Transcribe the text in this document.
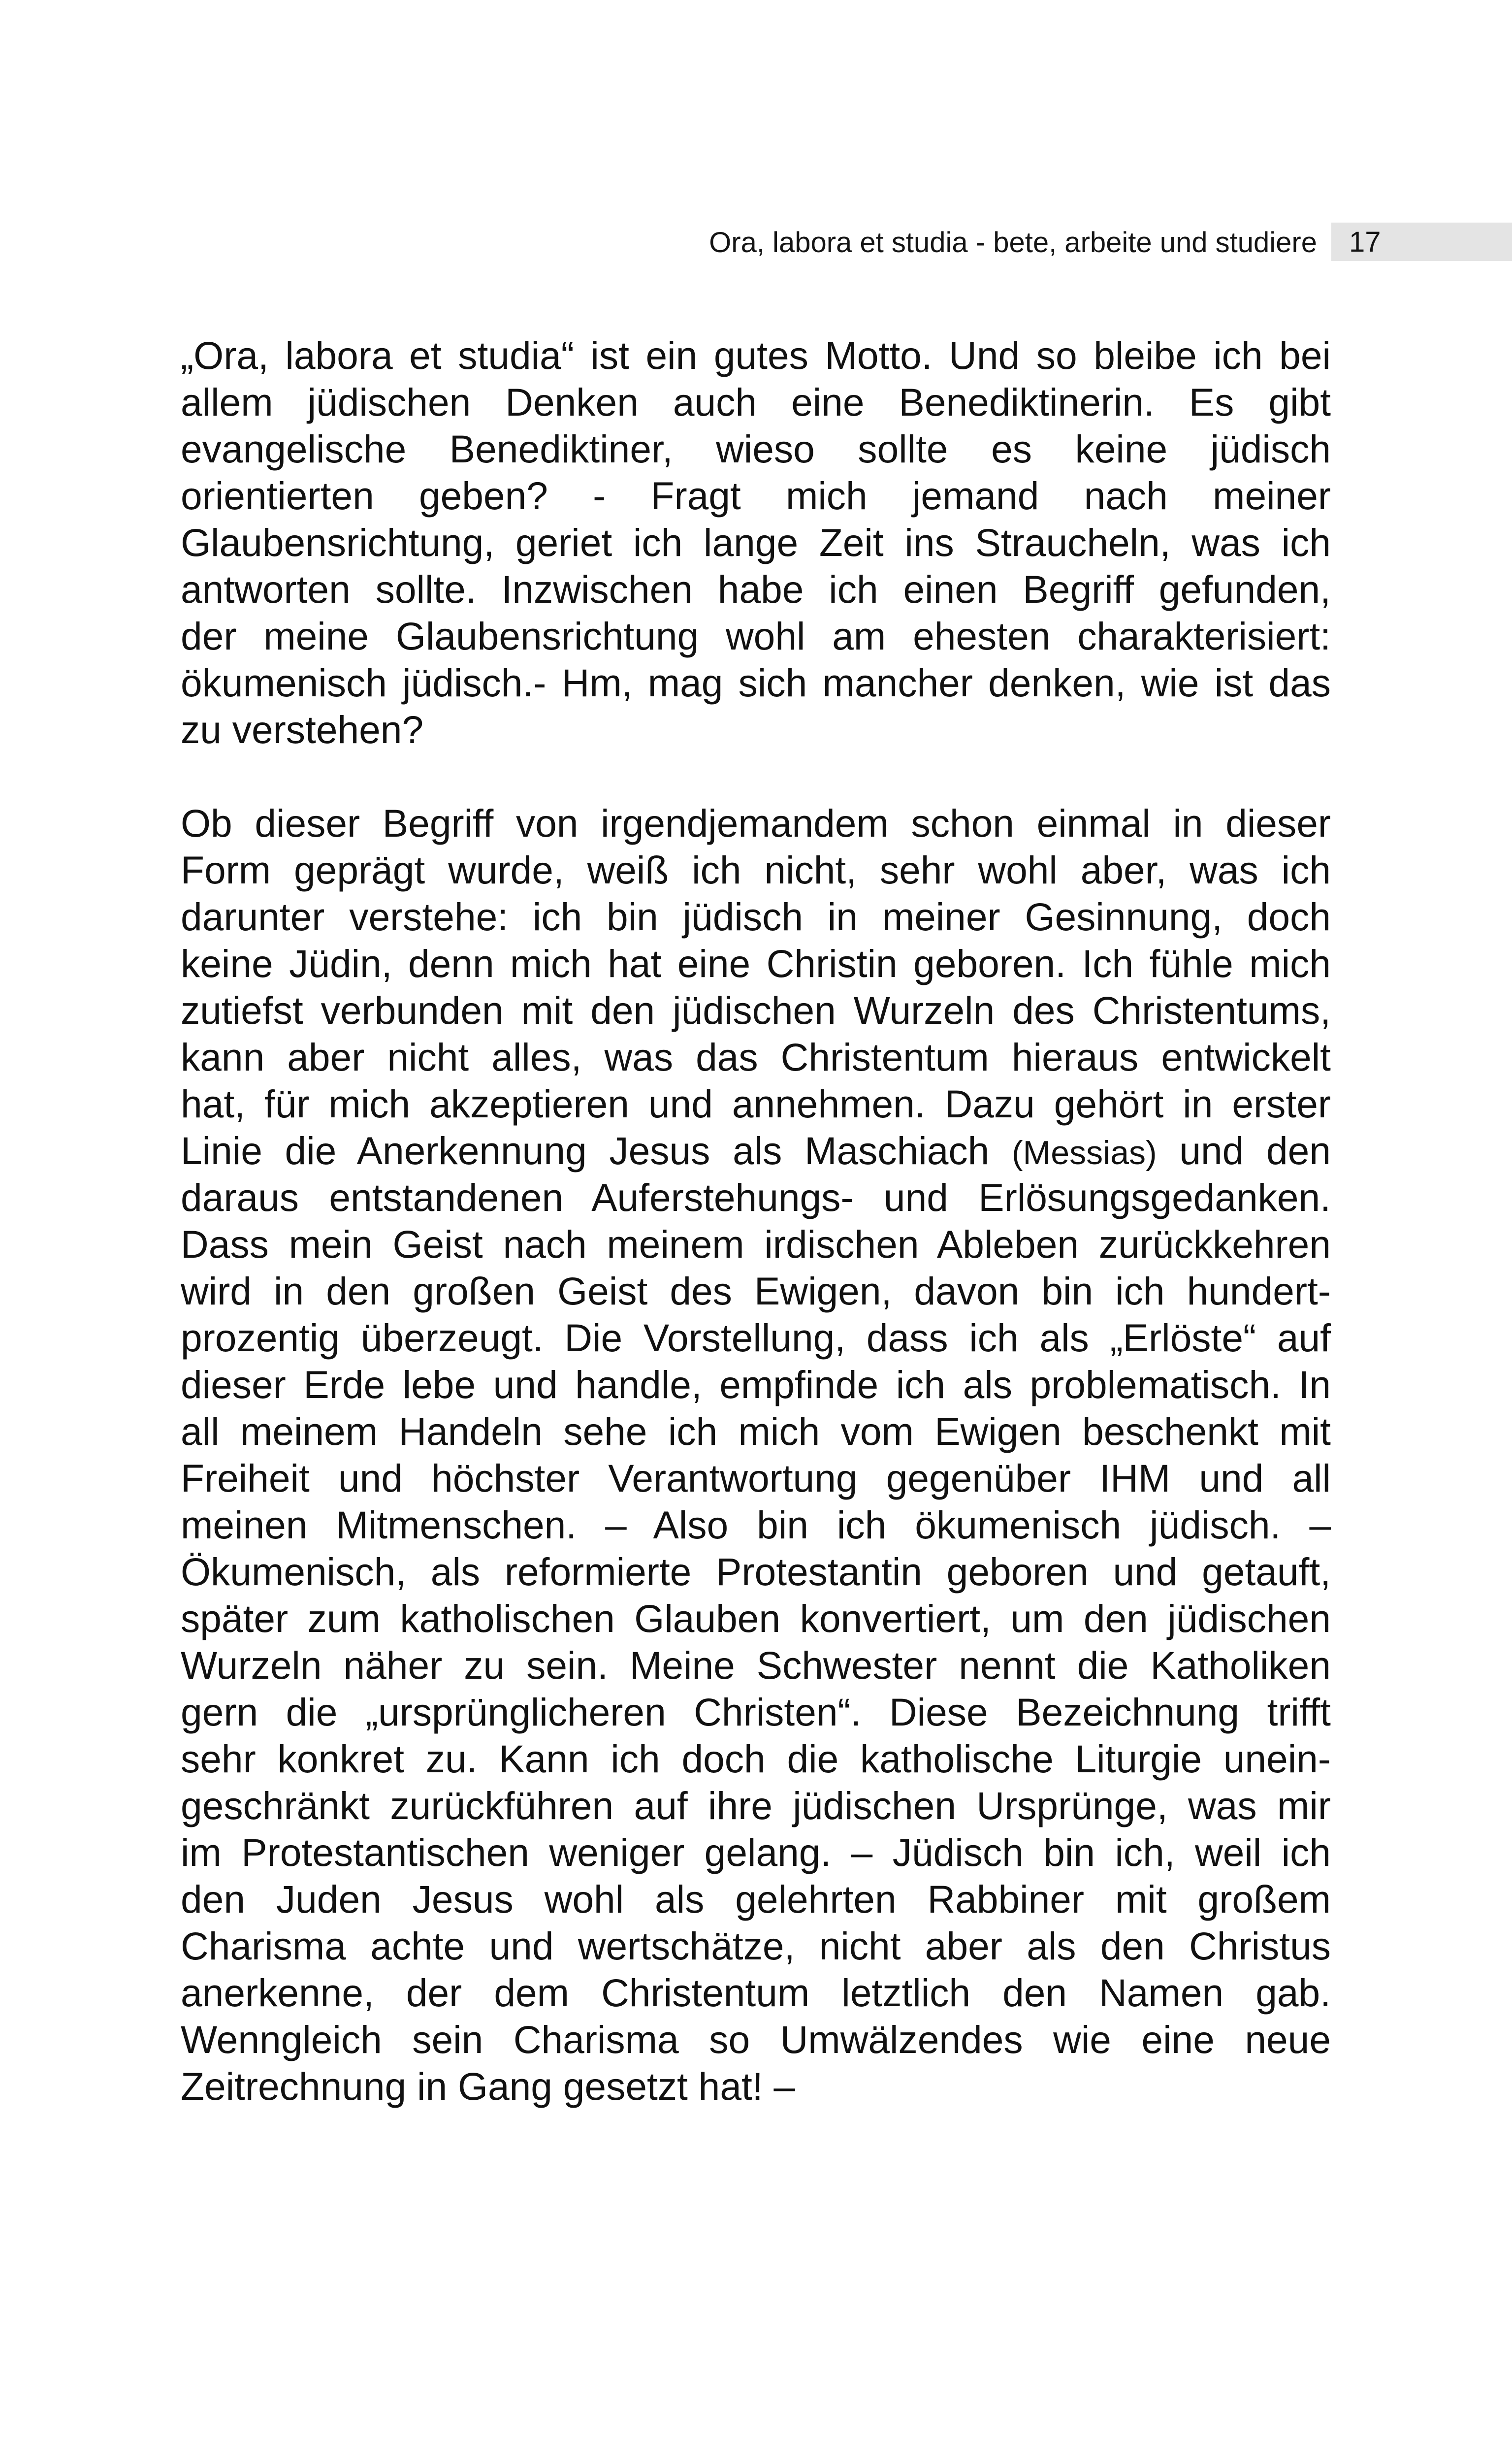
Ora, labora et studia - bete, arbeite und studiere 17

„Ora, labora et studia“ ist ein gutes Motto. Und so bleibe ich bei
allem jüdischen Denken auch eine Benediktinerin. Es gibt
evangelische Benediktiner, wieso sollte es keine jüdisch
orientierten geben? - Fragt mich jemand nach meiner
Glaubensrichtung, geriet ich lange Zeit ins Straucheln, was ich
antworten sollte. Inzwischen habe ich einen Begriff gefunden,
der meine Glaubensrichtung wohl am ehesten charakterisiert:
ökumenisch jüdisch.- Hm, mag sich mancher denken, wie ist das
zu verstehen?

Ob dieser Begriff von irgendjemandem schon einmal in dieser
Form geprägt wurde, weiß ich nicht, sehr wohl aber, was ich
darunter verstehe: ich bin jüdisch in meiner Gesinnung, doch
keine Jüdin, denn mich hat eine Christin geboren. Ich fühle mich
zutiefst verbunden mit den jüdischen Wurzeln des Christentums,
kann aber nicht alles, was das Christentum hieraus entwickelt
hat, für mich akzeptieren und annehmen. Dazu gehört in erster
Linie die Anerkennung Jesus als Maschiach (Messias) und den
daraus entstandenen Auferstehungs- und Erlösungsgedanken.
Dass mein Geist nach meinem irdischen Ableben zurückkehren
wird in den großen Geist des Ewigen, davon bin ich hundert-
prozentig überzeugt. Die Vorstellung, dass ich als „Erlöste“ auf
dieser Erde lebe und handle, empfinde ich als problematisch. In
all meinem Handeln sehe ich mich vom Ewigen beschenkt mit
Freiheit und höchster Verantwortung gegenüber IHM und all
meinen Mitmenschen. – Also bin ich ökumenisch jüdisch. –
Ökumenisch, als reformierte Protestantin geboren und getauft,
später zum katholischen Glauben konvertiert, um den jüdischen
Wurzeln näher zu sein. Meine Schwester nennt die Katholiken
gern die „ursprünglicheren Christen“. Diese Bezeichnung trifft
sehr konkret zu. Kann ich doch die katholische Liturgie unein-
geschränkt zurückführen auf ihre jüdischen Ursprünge, was mir
im Protestantischen weniger gelang. – Jüdisch bin ich, weil ich
den Juden Jesus wohl als gelehrten Rabbiner mit großem
Charisma achte und wertschätze, nicht aber als den Christus
anerkenne, der dem Christentum letztlich den Namen gab.
Wenngleich sein Charisma so Umwälzendes wie eine neue
Zeitrechnung in Gang gesetzt hat! –
